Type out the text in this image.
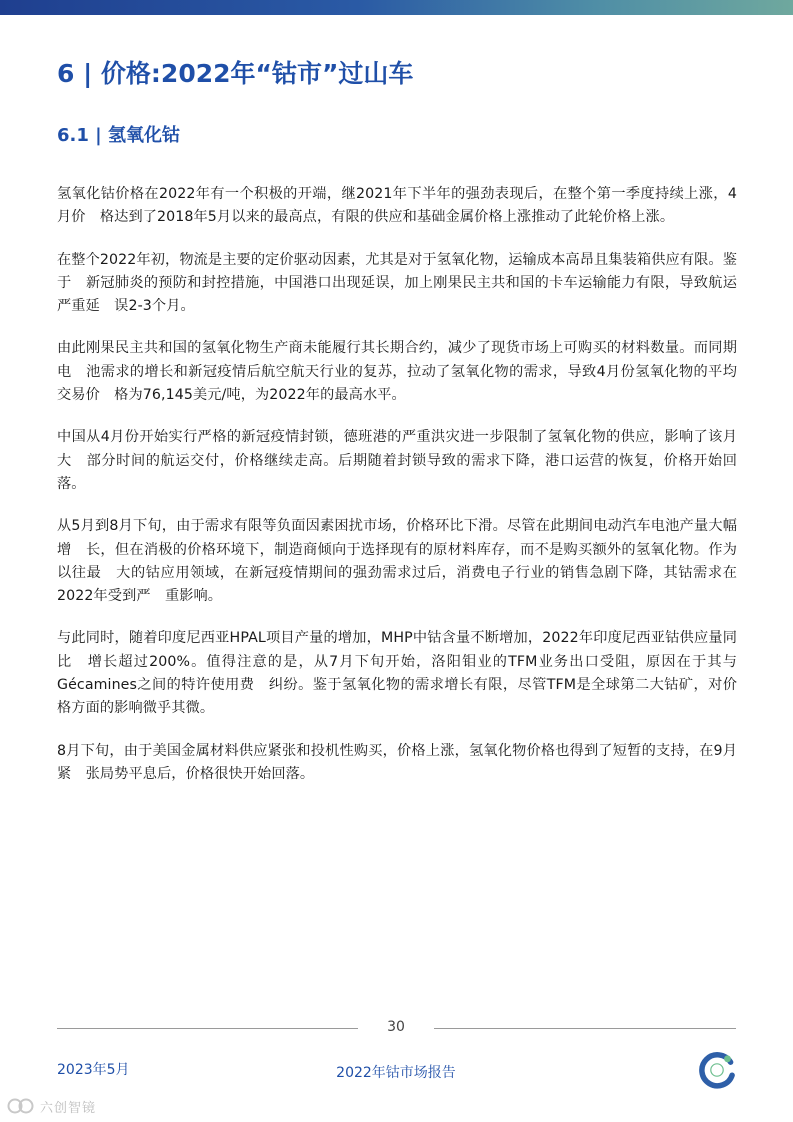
6 | 价格:2022年“钴市”过山车
6.1 | 氢氧化钴

氢氧化钴价格在2022年有一个积极的开端，继2021年下半年的强劲表现后，在整个第一季度持续上涨，4月价　格达到了2018年5月以来的最高点，有限的供应和基础金属价格上涨推动了此轮价格上涨。

在整个2022年初，物流是主要的定价驱动因素，尤其是对于氢氧化物，运输成本高昂且集装箱供应有限。鉴于　新冠肺炎的预防和封控措施，中国港口出现延误，加上刚果民主共和国的卡车运输能力有限，导致航运严重延　误2-3个月。

由此刚果民主共和国的氢氧化物生产商未能履行其长期合约，减少了现货市场上可购买的材料数量。而同期电　池需求的增长和新冠疫情后航空航天行业的复苏，拉动了氢氧化物的需求，导致4月份氢氧化物的平均交易价　格为76,145美元/吨，为2022年的最高水平。

中国从4月份开始实行严格的新冠疫情封锁，德班港的严重洪灾进一步限制了氢氧化物的供应，影响了该月大　部分时间的航运交付，价格继续走高。后期随着封锁导致的需求下降，港口运营的恢复，价格开始回落。

从5月到8月下旬，由于需求有限等负面因素困扰市场，价格环比下滑。尽管在此期间电动汽车电池产量大幅增　长，但在消极的价格环境下，制造商倾向于选择现有的原材料库存，而不是购买额外的氢氧化物。作为以往最　大的钴应用领域，在新冠疫情期间的强劲需求过后，消费电子行业的销售急剧下降，其钴需求在2022年受到严　重影响。

与此同时，随着印度尼西亚HPAL项目产量的增加，MHP中钴含量不断增加，2022年印度尼西亚钴供应量同比　增长超过200%。值得注意的是，从7月下旬开始，洛阳钼业的TFM业务出口受阻，原因在于其与Gécamines之间的特许使用费　纠纷。鉴于氢氧化物的需求增长有限，尽管TFM是全球第二大钴矿，对价格方面的影响微乎其微。

8月下旬，由于美国金属材料供应紧张和投机性购买，价格上涨，氢氧化物价格也得到了短暂的支持，在9月紧　张局势平息后，价格很快开始回落。

30
2023年5月	2022年钴市场报告
六创智镜
